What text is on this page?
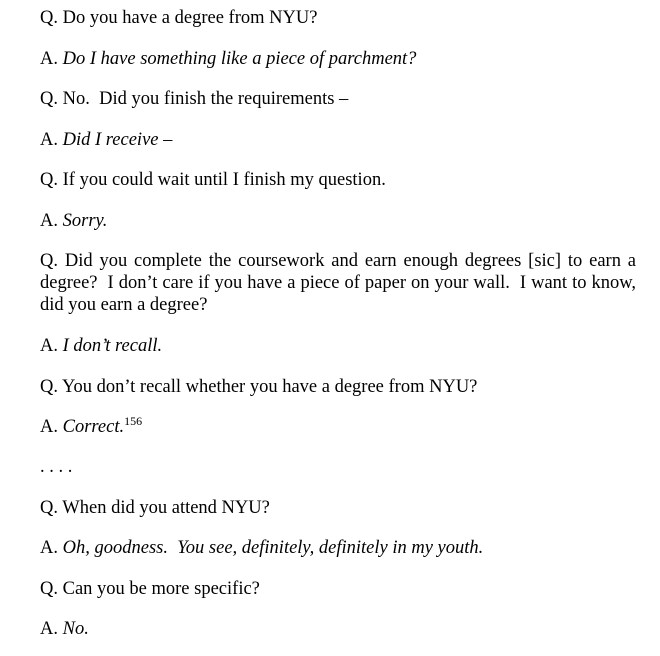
Q. Do you have a degree from NYU?
A. Do I have something like a piece of parchment?
Q. No.  Did you finish the requirements –
A. Did I receive –
Q. If you could wait until I finish my question.
A. Sorry.
Q. Did you complete the coursework and earn enough degrees [sic] to earn a degree?  I don’t care if you have a piece of paper on your wall.  I want to know, did you earn a degree?
A. I don’t recall.
Q. You don’t recall whether you have a degree from NYU?
A. Correct.$^{156}$
. . . .
Q. When did you attend NYU?
A. Oh, goodness.  You see, definitely, definitely in my youth.
Q. Can you be more specific?
A. No.
